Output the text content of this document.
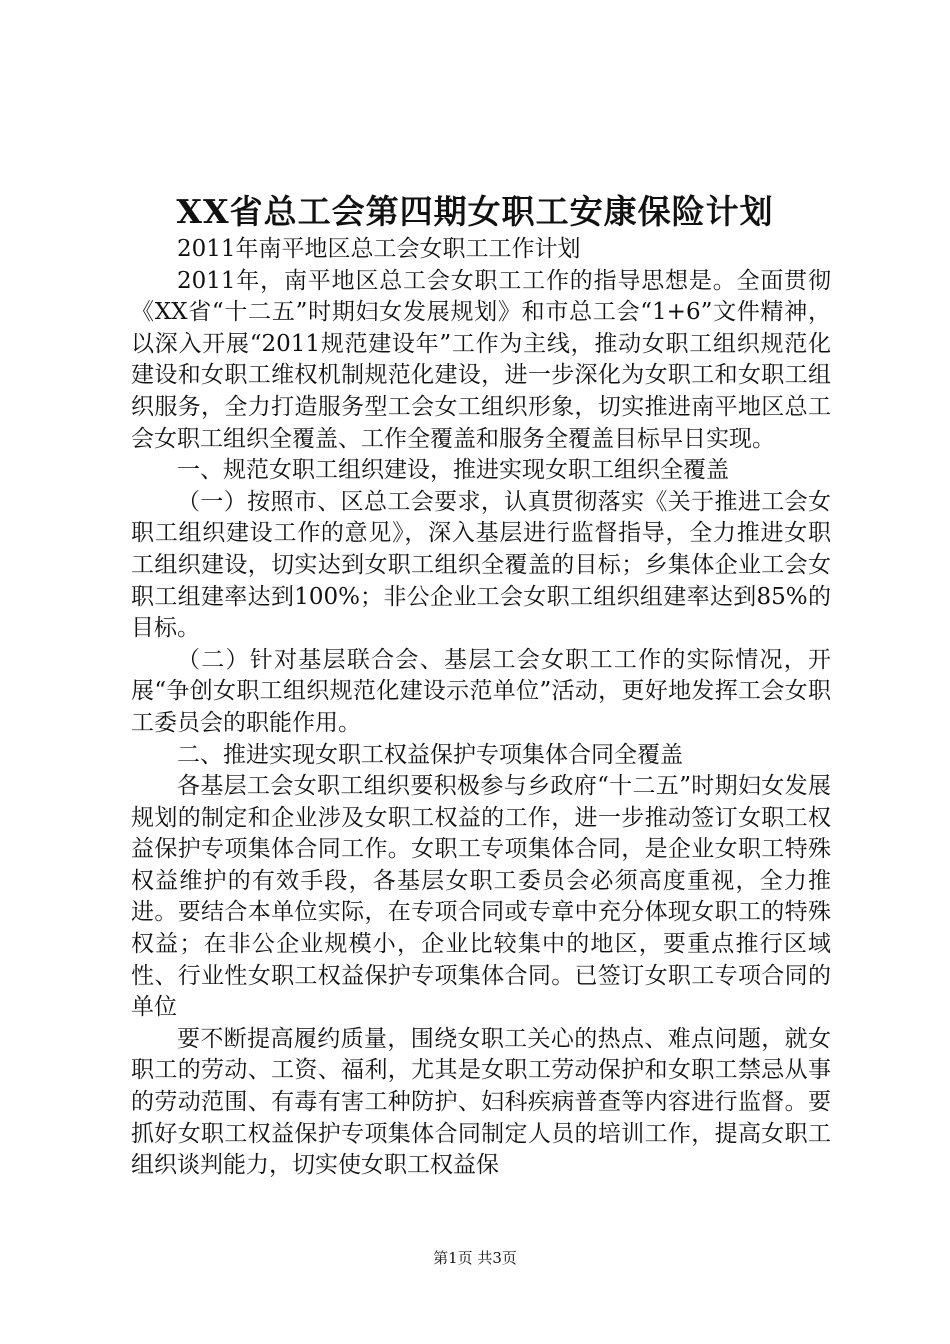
XX省总工会第四期女职工安康保险计划

2011年南平地区总工会女职工工作计划

2011年，南平地区总工会女职工工作的指导思想是。全面贯彻《XX省“十二五”时期妇女发展规划》和市总工会“1+6”文件精神，以深入开展“2011规范建设年”工作为主线，推动女职工组织规范化建设和女职工维权机制规范化建设，进一步深化为女职工和女职工组织服务，全力打造服务型工会女工组织形象，切实推进南平地区总工会女职工组织全覆盖、工作全覆盖和服务全覆盖目标早日实现。

一、规范女职工组织建设，推进实现女职工组织全覆盖

（一）按照市、区总工会要求，认真贯彻落实《关于推进工会女职工组织建设工作的意见》，深入基层进行监督指导，全力推进女职工组织建设，切实达到女职工组织全覆盖的目标；乡集体企业工会女职工组建率达到100%；非公企业工会女职工组织组建率达到85%的目标。

（二）针对基层联合会、基层工会女职工工作的实际情况，开展“争创女职工组织规范化建设示范单位”活动，更好地发挥工会女职工委员会的职能作用。

二、推进实现女职工权益保护专项集体合同全覆盖

各基层工会女职工组织要积极参与乡政府“十二五”时期妇女发展规划的制定和企业涉及女职工权益的工作，进一步推动签订女职工权益保护专项集体合同工作。女职工专项集体合同，是企业女职工特殊权益维护的有效手段，各基层女职工委员会必须高度重视，全力推进。要结合本单位实际，在专项合同或专章中充分体现女职工的特殊权益；在非公企业规模小，企业比较集中的地区，要重点推行区域性、行业性女职工权益保护专项集体合同。已签订女职工专项合同的单位

要不断提高履约质量，围绕女职工关心的热点、难点问题，就女职工的劳动、工资、福利，尤其是女职工劳动保护和女职工禁忌从事的劳动范围、有毒有害工种防护、妇科疾病普查等内容进行监督。要抓好女职工权益保护专项集体合同制定人员的培训工作，提高女职工组织谈判能力，切实使女职工权益保

第1页 共3页
